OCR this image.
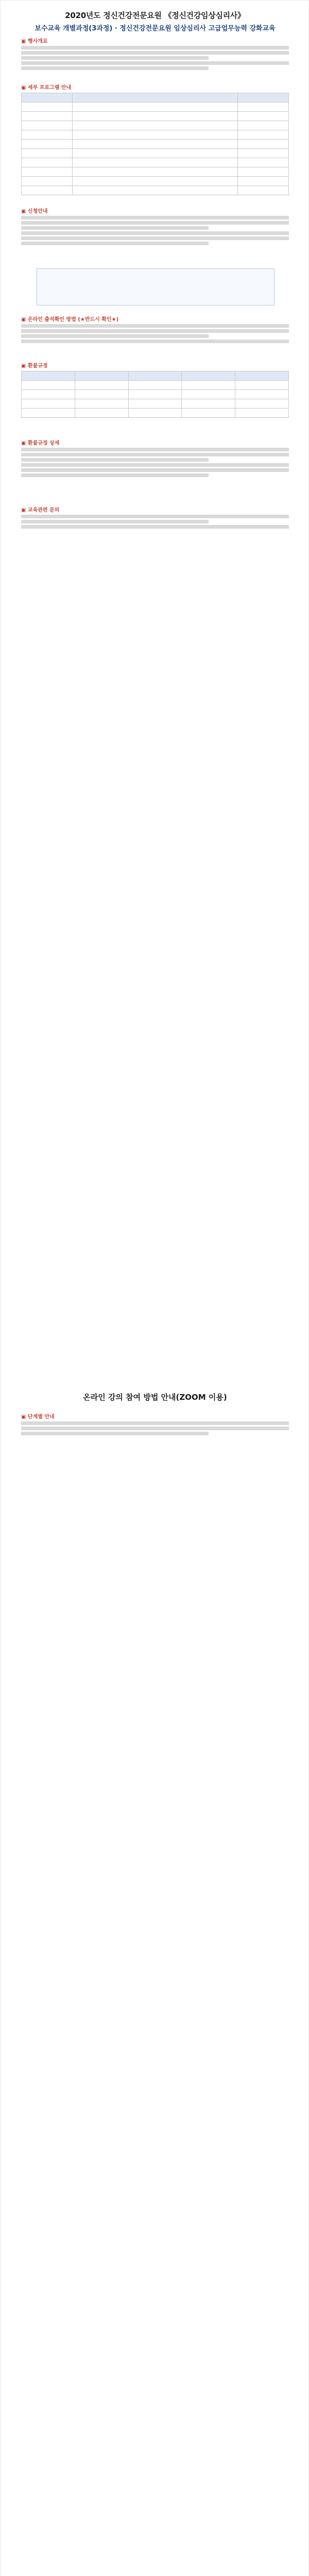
2020년도 정신건강전문요원 《정신건강임상심리사》
보수교육 개별과정(3과정) · 정신건강전문요원 임상심리사 고급업무능력 강화교육
▣ 행사개요
▣ 세부 프로그램 안내

▣ 신청안내
▣ 온라인 출석확인 방법 (★반드시 확인★)
▣ 환불규정

▣ 환불규정 상세
▣ 교육관련 문의
온라인 강의 참여 방법 안내(ZOOM 이용)
▣ 단계별 안내
